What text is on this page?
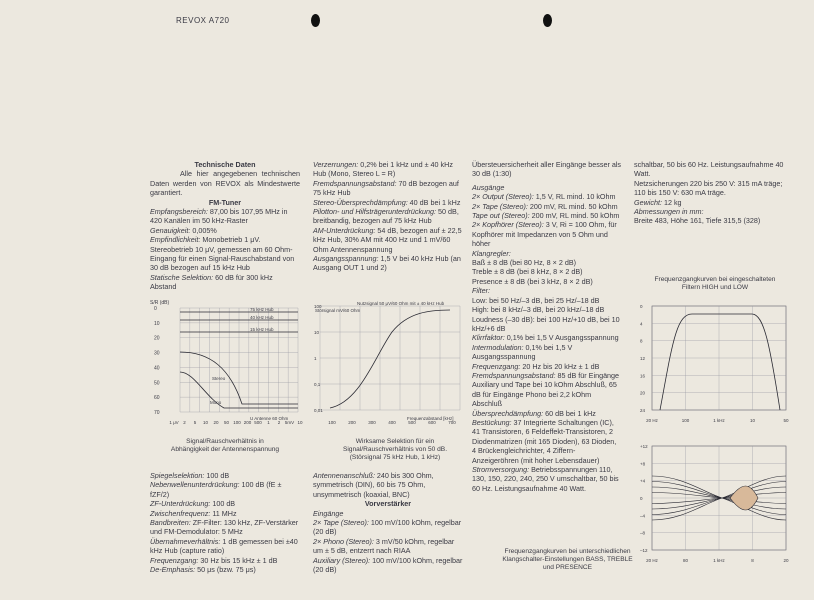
REVOX A720

Technische Daten

Alle hier angegebenen technischen Daten werden von REVOX als Mindestwerte garantiert.

FM-Tuner

Empfangsbereich: 87,00 bis 107,95 MHz in 420 Kanälen im 50 kHz-Raster

Genauigkeit: 0,005%

Empfindlichkeit: Monobetrieb 1 μV. Stereobetrieb 10 μV, gemessen am 60 Ohm-Eingang für einen Signal-Rauschabstand von 30 dB bezogen auf 15 kHz Hub

Statische Selektion: 60 dB für 300 kHz Abstand

Spiegelselektion: 100 dB

Nebenwellenunterdrückung: 100 dB (fE ± fZF/2)

ZF-Unterdrückung: 100 dB

Zwischenfrequenz: 11 MHz

Bandbreiten: ZF-Filter: 130 kHz, ZF-Verstärker und FM-Demodulator: 5 MHz

Übernahmeverhältnis: 1 dB gemessen bei ±40 kHz Hub (capture ratio)

Frequenzgang: 30 Hz bis 15 kHz ± 1 dB

De-Emphasis: 50 μs (bzw. 75 μs)

Verzerrungen: 0,2% bei 1 kHz und ± 40 kHz Hub (Mono, Stereo L = R)

Fremdspannungsabstand: 70 dB bezogen auf 75 kHz Hub

Stereo-Übersprechdämpfung: 40 dB bei 1 kHz

Pilotton- und Hilfsträgerunterdrückung: 50 dB, breitbandig, bezogen auf 75 kHz Hub

AM-Unterdrückung: 54 dB, bezogen auf ± 22,5 kHz Hub, 30% AM mit 400 Hz und 1 mV/60 Ohm Antennenspannung

Ausgangsspannung: 1,5 V bei 40 kHz Hub (an Ausgang OUT 1 und 2)

Antennenanschluß: 240 bis 300 Ohm, symmetrisch (DIN), 60 bis 75 Ohm, unsymmetrisch (koaxial, BNC)

Vorverstärker

Eingänge

2× Tape (Stereo): 100 mV/100 kOhm, regelbar (20 dB)

2× Phono (Stereo): 3 mV/50 kOhm, regelbar um ± 5 dB, entzerrt nach RIAA

Auxiliary (Stereo): 100 mV/100 kOhm, regelbar (20 dB)

Übersteuersicherheit aller Eingänge besser als 30 dB (1:30)

Ausgänge

2× Output (Stereo): 1,5 V, RL mind. 10 kOhm

2× Tape (Stereo): 200 mV, RL mind. 50 kOhm

Tape out (Stereo): 200 mV, RL mind. 50 kOhm

2× Kopfhörer (Stereo): 3 V, Ri = 100 Ohm, für Kopfhörer mit Impedanzen von 5 Ohm und höher

Klangregler:

Baß ± 8 dB (bei 80 Hz, 8 × 2 dB)

Treble ± 8 dB (bei 8 kHz, 8 × 2 dB)

Presence ± 8 dB (bei 3 kHz, 8 × 2 dB)

Filter:

Low: bei 50 Hz/–3 dB, bei 25 Hz/–18 dB

High: bei 8 kHz/–3 dB, bei 20 kHz/–18 dB

Loudness (–30 dB): bei 100 Hz/+10 dB, bei 10 kHz/+6 dB

Klirrfaktor: 0,1% bei 1,5 V Ausgangsspannung

Intermodulation: 0,1% bei 1,5 V Ausgangsspannung

Frequenzgang: 20 Hz bis 20 kHz ± 1 dB

Fremdspannungsabstand: 85 dB für Eingänge Auxiliary und Tape bei 10 kOhm Abschluß, 65 dB für Eingänge Phono bei 2,2 kOhm Abschluß

Übersprechdämpfung: 60 dB bei 1 kHz

Bestückung: 37 Integrierte Schaltungen (IC), 41 Transistoren, 6 Feldeffekt-Transistoren, 2 Diodenmatrizen (mit 165 Dioden), 63 Dioden, 4 Brückengleichrichter, 4 Ziffern-Anzeigeröhren (mit hoher Lebensdauer)

Stromversorgung: Betriebsspannungen 110, 130, 150, 220, 240, 250 V umschaltbar, 50 bis 60 Hz. Leistungsaufnahme 40 Watt.

schaltbar, 50 bis 60 Hz. Leistungsaufnahme 40 Watt.

Netzsicherungen 220 bis 250 V: 315 mA träge; 110 bis 150 V: 630 mA träge.

Gewicht: 12 kg

Abmessungen in mm:

Breite 483, Höhe 161, Tiefe 315,5 (328)

S/R (dB)
0
10
20
30
40
50
60
70
1 μV 2 5 10 20 50 100 200 500 1 2 5mV 10
75 kHz Hub
40 kHz Hub
15 kHz Hub
Stereo
Mono
U Antenne 60 Ohm
Signal/Rauschverhältnis in Abhängigkeit der Antennenspannung
100
10
1
0,1
0,01
100	200	300	400	500	600	700
Störsignal mV/60 Ohm
Nutzsignal 50 μV/60 Ohm mit ± 40 kHz Hub
Frequenzabstand [kHz]
Wirksame Selektion für ein Signal/Rauschverhältnis von 50 dB. (Störsignal 75 kHz Hub, 1 kHz)
Frequenzgangkurven bei eingeschalteten Filtern HIGH und LOW
0
4
8
12
16
20
24
20 Hz	100	1 kHz	10	50
+12
+8
+4
0
–4
–8
–12
20 Hz	80	1 kHz	8	20
Frequenzgangkurven bei unterschiedlichen Klangschalter-Einstellungen BASS, TREBLE und PRESENCE
